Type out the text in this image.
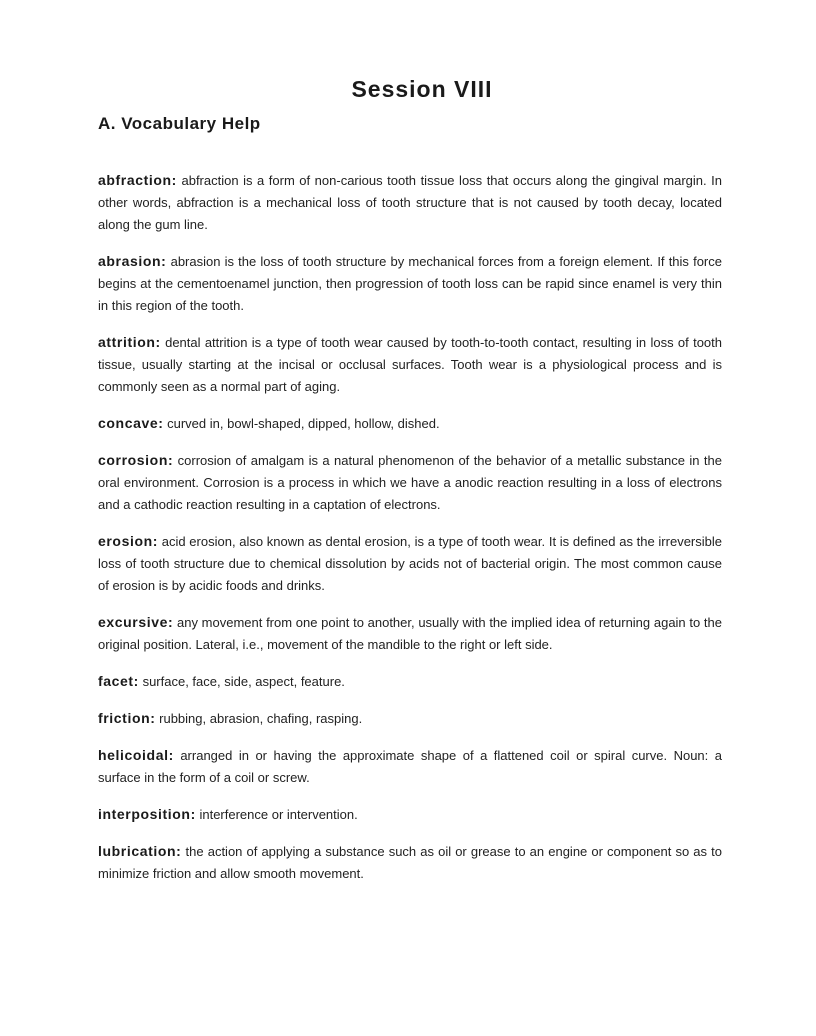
Session VIII
A. Vocabulary Help

abfraction: abfraction is a form of non-carious tooth tissue loss that occurs along the gingival margin. In other words, abfraction is a mechanical loss of tooth structure that is not caused by tooth decay, located along the gum line.

abrasion: abrasion is the loss of tooth structure by mechanical forces from a foreign element. If this force begins at the cementoenamel junction, then progression of tooth loss can be rapid since enamel is very thin in this region of the tooth.

attrition: dental attrition is a type of tooth wear caused by tooth-to-tooth contact, resulting in loss of tooth tissue, usually starting at the incisal or occlusal surfaces. Tooth wear is a physiological process and is commonly seen as a normal part of aging.

concave: curved in, bowl-shaped, dipped, hollow, dished.

corrosion: corrosion of amalgam is a natural phenomenon of the behavior of a metallic substance in the oral environment. Corrosion is a process in which we have a anodic reaction resulting in a loss of electrons and a cathodic reaction resulting in a captation of electrons.

erosion: acid erosion, also known as dental erosion, is a type of tooth wear. It is defined as the irreversible loss of tooth structure due to chemical dissolution by acids not of bacterial origin. The most common cause of erosion is by acidic foods and drinks.

excursive: any movement from one point to another, usually with the implied idea of returning again to the original position. Lateral, i.e., movement of the mandible to the right or left side.

facet: surface, face, side, aspect, feature.

friction: rubbing, abrasion, chafing, rasping.

helicoidal: arranged in or having the approximate shape of a flattened coil or spiral curve. Noun: a surface in the form of a coil or screw.

interposition: interference or intervention.

lubrication: the action of applying a substance such as oil or grease to an engine or component so as to minimize friction and allow smooth movement.
